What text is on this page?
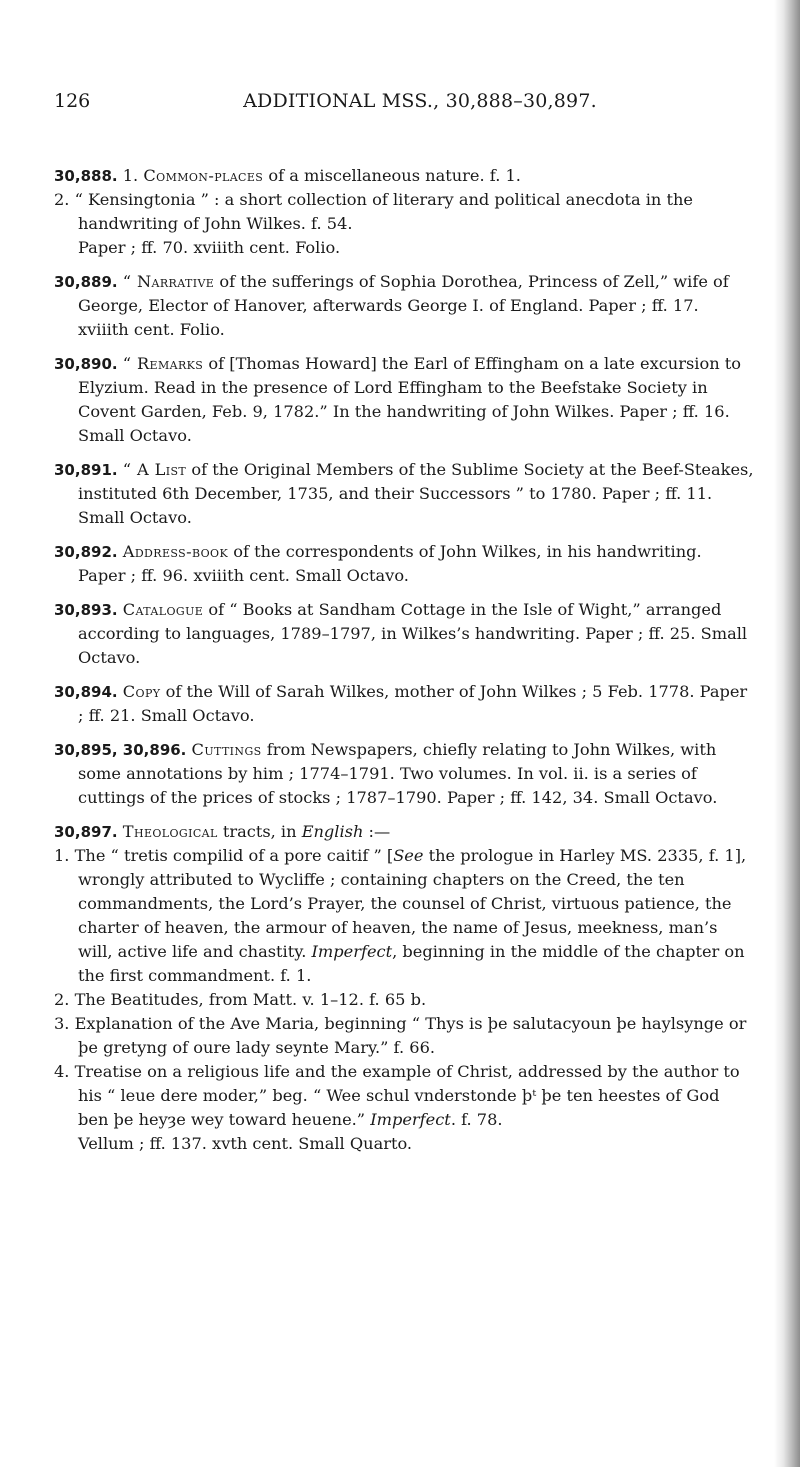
126	ADDITIONAL MSS., 30,888–30,897.
30,888. 1. Common-places of a miscellaneous nature. f. 1.
2. “ Kensingtonia ” : a short collection of literary and political anecdota in the handwriting of John Wilkes. f. 54.
Paper ; ff. 70. xviiith cent. Folio.
30,889. “ Narrative of the sufferings of Sophia Dorothea, Princess of Zell,” wife of George, Elector of Hanover, afterwards George I. of England. Paper ; ff. 17. xviiith cent. Folio.
30,890. “ Remarks of [Thomas Howard] the Earl of Effingham on a late excursion to Elyzium. Read in the presence of Lord Effingham to the Beefstake Society in Covent Garden, Feb. 9, 1782.” In the handwriting of John Wilkes. Paper ; ff. 16. Small Octavo.
30,891. “ A List of the Original Members of the Sublime Society at the Beef-Steakes, instituted 6th December, 1735, and their Successors ” to 1780. Paper ; ff. 11. Small Octavo.
30,892. Address-book of the correspondents of John Wilkes, in his handwriting. Paper ; ff. 96. xviiith cent. Small Octavo.
30,893. Catalogue of “ Books at Sandham Cottage in the Isle of Wight,” arranged according to languages, 1789–1797, in Wilkes’s handwriting. Paper ; ff. 25. Small Octavo.
30,894. Copy of the Will of Sarah Wilkes, mother of John Wilkes ; 5 Feb. 1778. Paper ; ff. 21. Small Octavo.
30,895, 30,896. Cuttings from Newspapers, chiefly relating to John Wilkes, with some annotations by him ; 1774–1791. Two volumes. In vol. ii. is a series of cuttings of the prices of stocks ; 1787–1790. Paper ; ff. 142, 34. Small Octavo.
30,897. Theological tracts, in English :—
1. The “ tretis compilid of a pore caitif ” [See the prologue in Harley MS. 2335, f. 1], wrongly attributed to Wycliffe ; containing chapters on the Creed, the ten commandments, the Lord’s Prayer, the counsel of Christ, virtuous patience, the charter of heaven, the armour of heaven, the name of Jesus, meekness, man’s will, active life and chastity. Imperfect, beginning in the middle of the chapter on the first commandment. f. 1.
2. The Beatitudes, from Matt. v. 1–12. f. 65 b.
3. Explanation of the Ave Maria, beginning “ Thys is þe salutacyoun þe haylsynge or þe gretyng of oure lady seynte Mary.” f. 66.
4. Treatise on a religious life and the example of Christ, addressed by the author to his “ leue dere moder,” beg. “ Wee schul vnderstonde þᵗ þe ten heestes of God ben þe heyȝe wey toward heuene.” Imperfect. f. 78.
Vellum ; ff. 137. xvth cent. Small Quarto.
